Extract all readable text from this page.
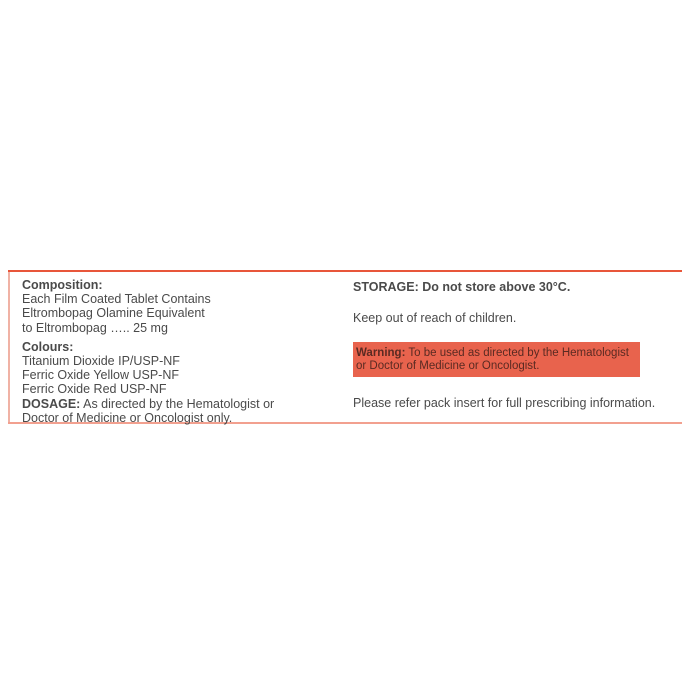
Composition:
Each Film Coated Tablet Contains
Eltrombopag Olamine Equivalent
to Eltrombopag ….. 25 mg
Colours:
Titanium Dioxide IP/USP-NF
Ferric Oxide Yellow USP-NF
Ferric Oxide Red USP-NF
DOSAGE: As directed by the Hematologist or
Doctor of Medicine or Oncologist only.
STORAGE: Do not store above 30°C.
Keep out of reach of children.
Warning: To be used as directed by the Hematologist or Doctor of Medicine or Oncologist.
Please refer pack insert for full prescribing information.
